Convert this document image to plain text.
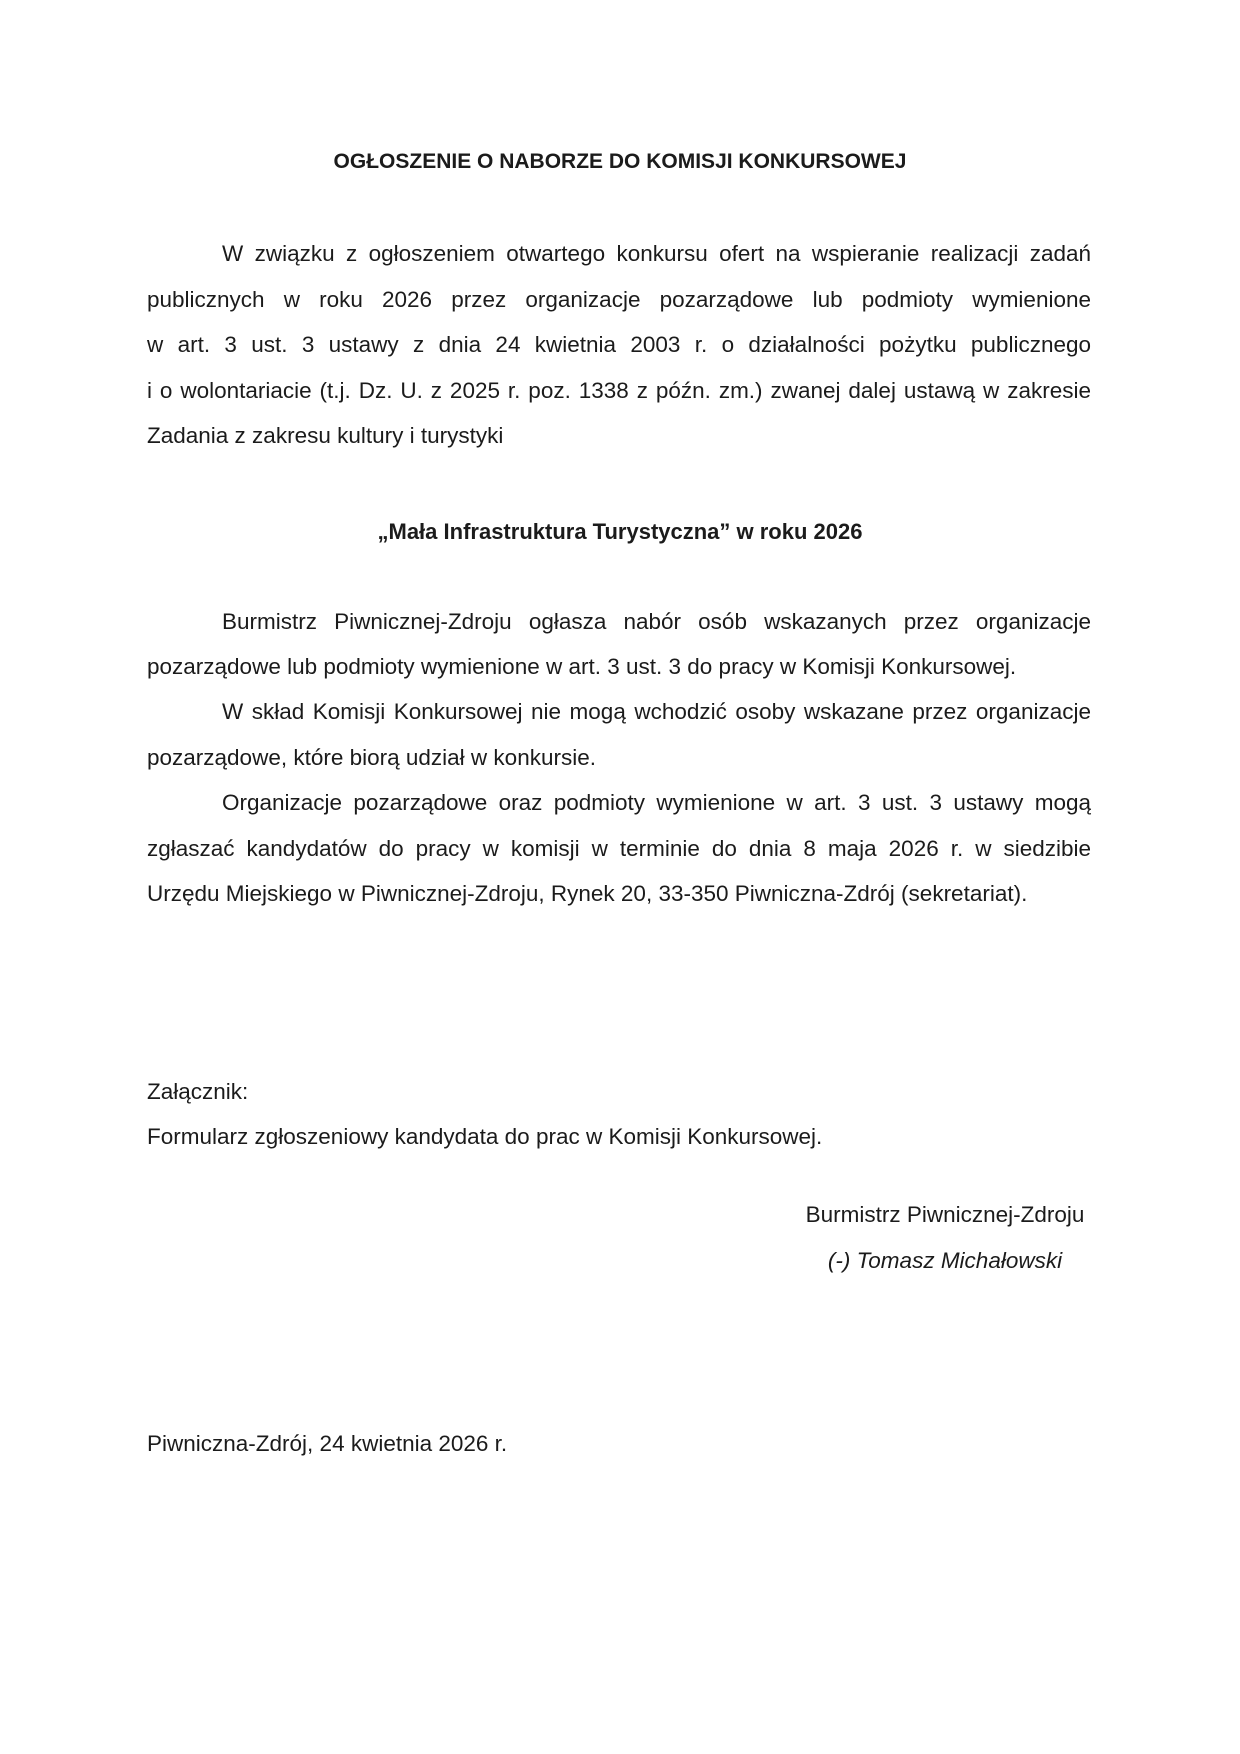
OGŁOSZENIE O NABORZE DO KOMISJI KONKURSOWEJ
W związku z ogłoszeniem otwartego konkursu ofert na wspieranie realizacji zadań
publicznych w roku 2026 przez organizacje pozarządowe lub podmioty wymienione
w art. 3 ust. 3 ustawy z dnia 24 kwietnia 2003 r. o działalności pożytku publicznego
i o wolontariacie (t.j. Dz. U. z 2025 r. poz. 1338 z późn. zm.) zwanej dalej ustawą w zakresie
Zadania z zakresu kultury i turystyki
„Mała Infrastruktura Turystyczna” w roku 2026
Burmistrz Piwnicznej-Zdroju ogłasza nabór osób wskazanych przez organizacje
pozarządowe lub podmioty wymienione w art. 3 ust. 3 do pracy w Komisji Konkursowej.
W skład Komisji Konkursowej nie mogą wchodzić osoby wskazane przez organizacje
pozarządowe, które biorą udział w konkursie.
Organizacje pozarządowe oraz podmioty wymienione w art. 3 ust. 3 ustawy mogą
zgłaszać kandydatów do pracy w komisji w terminie do dnia 8 maja 2026 r. w siedzibie
Urzędu Miejskiego w Piwnicznej-Zdroju, Rynek 20, 33-350 Piwniczna-Zdrój (sekretariat).
Załącznik:
Formularz zgłoszeniowy kandydata do prac w Komisji Konkursowej.
Burmistrz Piwnicznej-Zdroju
(-) Tomasz Michałowski
Piwniczna-Zdrój, 24 kwietnia 2026 r.
